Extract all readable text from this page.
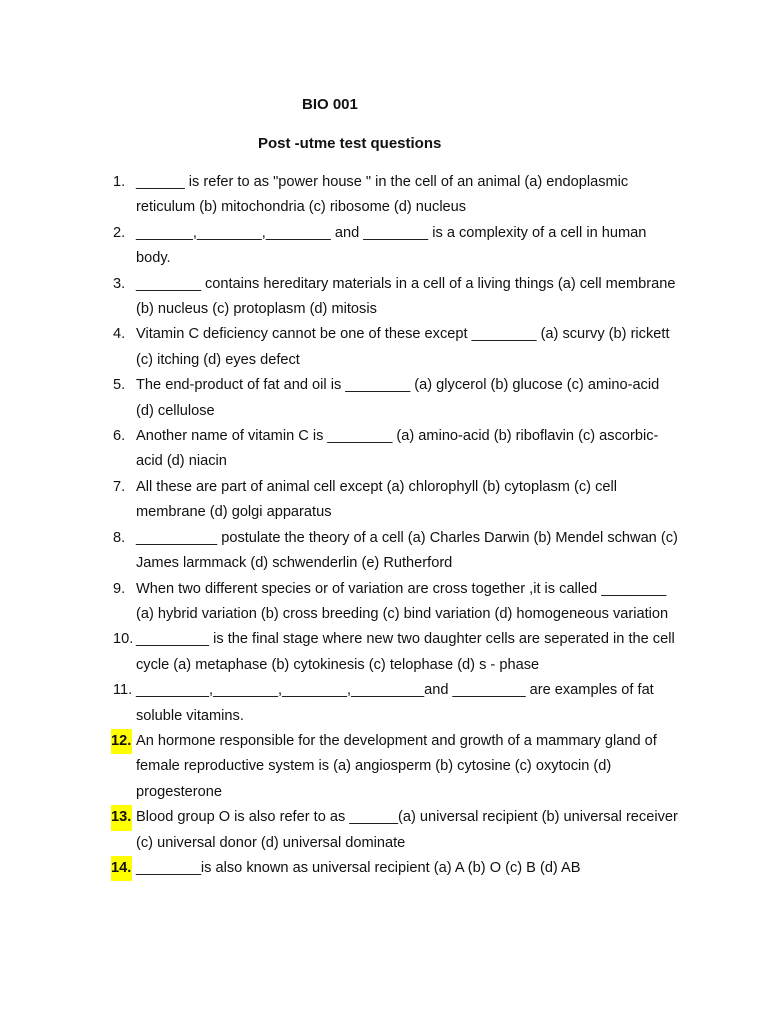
BIO 001
Post -utme test questions
1. ______ is refer to as "power house " in the cell of an animal (a) endoplasmic reticulum (b) mitochondria (c) ribosome (d) nucleus
2. _______,________,________ and ________ is a complexity of a cell in human body.
3. ________ contains hereditary materials in a cell of a living things (a) cell membrane (b) nucleus (c) protoplasm (d) mitosis
4. Vitamin C deficiency cannot be one of these except ________ (a) scurvy (b) rickett (c) itching (d) eyes defect
5. The end-product of fat and oil is ________ (a) glycerol (b) glucose (c) amino-acid (d) cellulose
6. Another name of vitamin C is ________ (a) amino-acid (b) riboflavin (c) ascorbic-acid (d) niacin
7. All these are part of animal cell except (a) chlorophyll (b) cytoplasm (c) cell membrane (d) golgi apparatus
8. __________ postulate the theory of a cell (a) Charles Darwin (b) Mendel schwan (c) James larmmack (d) schwenderlin (e) Rutherford
9. When two different species or of variation are cross together ,it is called ________ (a) hybrid variation (b) cross breeding (c) bind variation (d) homogeneous variation
10. _________ is the final stage where new two daughter cells are seperated in the cell cycle (a) metaphase (b) cytokinesis (c) telophase (d) s - phase
11. _________,________,________,_________and _________ are examples of fat soluble vitamins.
12. An hormone responsible for the development and growth of a mammary gland of female reproductive system is (a) angiosperm (b) cytosine (c) oxytocin (d) progesterone
13. Blood group O is also refer to as ______(a) universal recipient (b) universal receiver (c) universal donor (d) universal dominate
14. ________is also known as universal recipient (a) A (b) O (c) B (d) AB
